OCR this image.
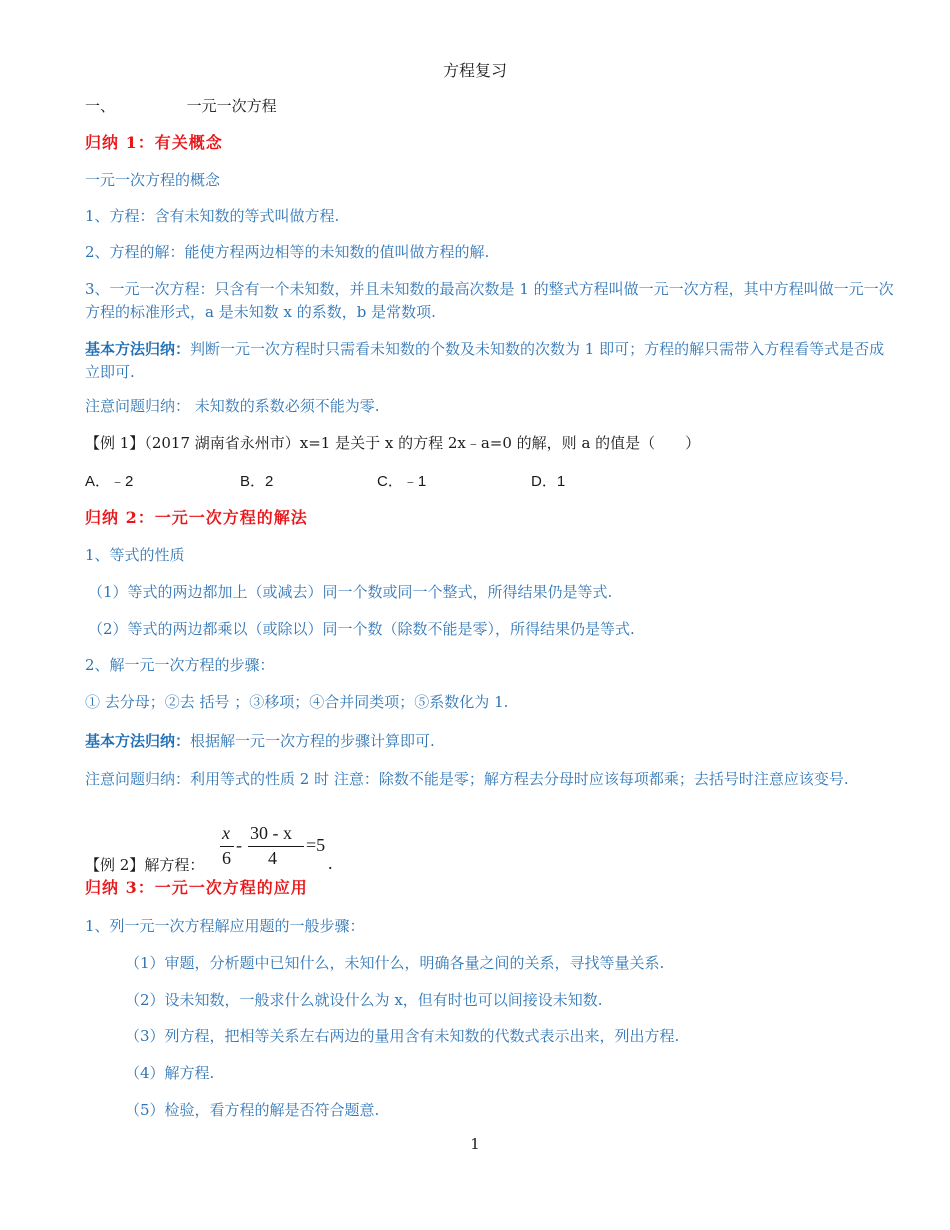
方程复习
一、	一元一次方程
归纳 1：有关概念
一元一次方程的概念
1、方程：含有未知数的等式叫做方程.
2、方程的解：能使方程两边相等的未知数的值叫做方程的解.
3、一元一次方程：只含有一个未知数，并且未知数的最高次数是 1 的整式方程叫做一元一次方程，其中方程叫做一元一次方程的标准形式，a 是未知数 x 的系数，b 是常数项.
基本方法归纳：判断一元一次方程时只需看未知数的个数及未知数的次数为 1 即可；方程的解只需带入方程看等式是否成立即可.
注意问题归纳： 未知数的系数必须不能为零.
【例 1】（2017 湖南省永州市）x=1 是关于 x 的方程 2x﹣a=0 的解，则 a 的值是（　　）
A．﹣2	B．2	C．﹣1	D．1
归纳 2：一元一次方程的解法
1、等式的性质
（1）等式的两边都加上（或减去）同一个数或同一个整式，所得结果仍是等式.
（2）等式的两边都乘以（或除以）同一个数（除数不能是零），所得结果仍是等式.
2、解一元一次方程的步骤：
① 去分母；②去 括号 ；③移项；④合并同类项；⑤系数化为 1.
基本方法归纳：根据解一元一次方程的步骤计算即可.
注意问题归纳：利用等式的性质 2 时 注意：除数不能是零；解方程去分母时应该每项都乘；去括号时注意应该变号.
【例 2】解方程：
x
6
-
30 - x
4
=5
.
归纳 3：一元一次方程的应用
1、列一元一次方程解应用题的一般步骤：
（1）审题，分析题中已知什么，未知什么，明确各量之间的关系，寻找等量关系.
（2）设未知数，一般求什么就设什么为 x，但有时也可以间接设未知数.
（3）列方程，把相等关系左右两边的量用含有未知数的代数式表示出来，列出方程.
（4）解方程.
（5）检验，看方程的解是否符合题意.
1
